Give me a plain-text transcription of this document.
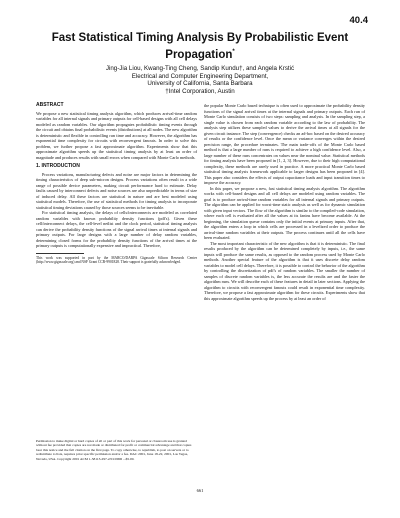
40.4
Fast Statistical Timing Analysis By Probabilistic Event Propagation*
Jing-Jia Liou, Kwang-Ting Cheng, Sandip Kundu†, and Angela Krstić
Electrical and Computer Engineering Department,
University of California, Santa Barbara
†Intel Corporation, Austin
ABSTRACT

We propose a new statistical timing analysis algorithm, which produces arrival-time random variables for all internal signals and primary outputs for cell-based designs with all cell delays modeled as random variables. Our algorithm propagates probabilistic timing events through the circuit and obtains final probabilistic events (distributions) at all nodes. The new algorithm is deterministic and flexible in controlling run time and accuracy. However, the algorithm has exponential time complexity for circuits with reconvergent fanouts. In order to solve this problem, we further propose a fast approximate algorithm. Experiments show that this approximate algorithm speeds up the statistical timing analysis by at least an order of magnitude and produces results with small errors when compared with Monte Carlo methods.

1. INTRODUCTION

Process variations, manufacturing defects and noise are major factors in determining the timing characteristics of deep sub-micron designs. Process variations often result in a wide range of possible device parameters, making circuit performance hard to estimate. Delay faults caused by interconnect defects and noise sources are also unpredictable in terms of size of induced delay. All these factors are statistical in nature and are best modeled using statistical models. Therefore, the use of statistical methods for timing analysis to incorporate statistical timing deviations caused by those sources seems to be inevitable.

For statistical timing analysis, the delays of cells/interconnects are modeled as correlated random variables with known probability density functions (pdf's). Given these cell/interconnect delays, the cell-level netlist and the clock period, statistical timing analysis can derive the probability density functions of the signal arrival times at internal signals and primary outputs. For large designs with a large number of delay random variables, determining closed forms for the probability density functions of the arrival times at the primary outputs is computationally expensive and impractical. Therefore,

This work was supported in part by the MARCO/DARPA Gigascale Silicon Research Center (http://www.gigascale.org) and NSF Grant CCR-9901828. Their support is gratefully acknowledged.

Permission to make digital or hard copies of all or part of this work for personal or classroom use is granted without fee provided that copies are not made or distributed for profit or commercial advantage and that copies bear this notice and the full citation on the first page. To copy otherwise, to republish, to post on servers or to redistribute to lists, requires prior specific permission and/or a fee. DAC 2001, June 18-22, 2001, Las Vegas, Nevada, USA. Copyright 2001 ACM 1-58113-297-2/01/0006 ...$5.00.

the popular Monte Carlo based technique is often used to approximate the probability density functions of the signal arrival times at the internal signals and primary outputs. Each run of Monte Carlo simulation consists of two steps: sampling and analysis. In the sampling step, a single value is chosen from each random variable according to the law of probability. The analysis step utilizes these sampled values to derive the arrival times at all signals for the given circuit instance. The step (convergence) checks an ad-hoc based on the desired accuracy of results or the confidence level. Once the mean or variance converges within the desired precision range, the procedure terminates. The main trade-offs of the Monte Carlo based method is that a large number of runs is required to achieve a high confidence level. Also, a large number of these runs concentrates on values near the nominal value. Statistical methods for timing analysis have been proposed in [1, 2, 3]. However, due to their high computational complexity, these methods are rarely used in practice. A more practical Monte Carlo based statistical timing analysis framework applicable to larger designs has been proposed in [4]. This paper also considers the effects of output capacitance loads and input transition times to improve the accuracy.

In this paper, we propose a new, fast statistical timing analysis algorithm. The algorithm works with cell-based designs and all cell delays are modeled using random variables. The goal is to produce arrival-time random variables for all internal signals and primary outputs. The algorithm can be applied for worst-time static analysis as well as for dynamic simulation with given input vectors. The flow of the algorithm is similar to the compiled-code simulation, where each cell is evaluated after all the values at its fanins have become available. At the beginning, the simulation queue contains only the initial events at primary inputs. After that, the algorithm enters a loop in which cells are processed in a levelized order to produce the arrival-time random variables at their outputs. The process continues until all the cells have been evaluated.

The most important characteristic of the new algorithm is that it is deterministic. The final results produced by the algorithm can be determined completely by inputs, i.e., the same inputs will produce the same results, as opposed to the random process used by Monte Carlo methods. Another special feature of the algorithm is that it uses discrete delay random variables to model cell delays. Therefore, it is possible to control the behavior of the algorithm by controlling the discretization of pdf's of random variables. The smaller the number of samples of discrete random variables is, the less accurate the results are and the faster the algorithm runs. We will describe each of these features in detail in later sections. Applying the algorithm to circuits with reconvergent fanouts could result in exponential time complexity. Therefore, we propose a fast approximate algorithm for these circuits. Experiments show that this approximate algorithm speeds up the process by at least an order of

661
